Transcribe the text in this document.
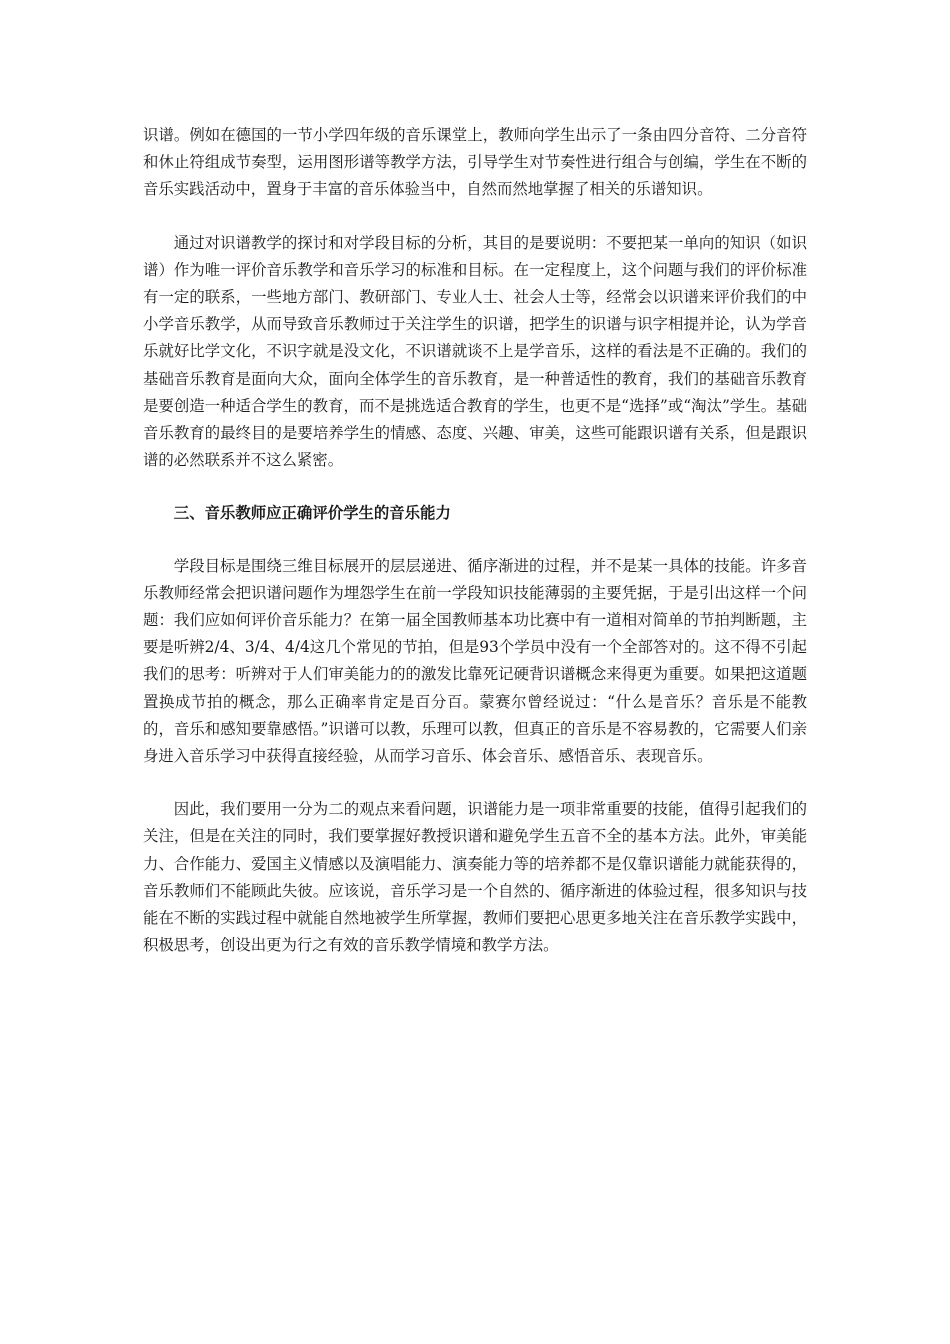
识谱。例如在德国的一节小学四年级的音乐课堂上，教师向学生出示了一条由四分音符、二分音符和休止符组成节奏型，运用图形谱等教学方法，引导学生对节奏性进行组合与创编，学生在不断的音乐实践活动中，置身于丰富的音乐体验当中，自然而然地掌握了相关的乐谱知识。

通过对识谱教学的探讨和对学段目标的分析，其目的是要说明：不要把某一单向的知识（如识谱）作为唯一评价音乐教学和音乐学习的标准和目标。在一定程度上，这个问题与我们的评价标准有一定的联系，一些地方部门、教研部门、专业人士、社会人士等，经常会以识谱来评价我们的中小学音乐教学，从而导致音乐教师过于关注学生的识谱，把学生的识谱与识字相提并论，认为学音乐就好比学文化，不识字就是没文化，不识谱就谈不上是学音乐，这样的看法是不正确的。我们的基础音乐教育是面向大众，面向全体学生的音乐教育，是一种普适性的教育，我们的基础音乐教育是要创造一种适合学生的教育，而不是挑选适合教育的学生，也更不是“选择”或“淘汰”学生。基础音乐教育的最终目的是要培养学生的情感、态度、兴趣、审美，这些可能跟识谱有关系，但是跟识谱的必然联系并不这么紧密。

三、音乐教师应正确评价学生的音乐能力

学段目标是围绕三维目标展开的层层递进、循序渐进的过程，并不是某一具体的技能。许多音乐教师经常会把识谱问题作为埋怨学生在前一学段知识技能薄弱的主要凭据，于是引出这样一个问题：我们应如何评价音乐能力？在第一届全国教师基本功比赛中有一道相对简单的节拍判断题，主要是听辨2/4、3/4、4/4这几个常见的节拍，但是93个学员中没有一个全部答对的。这不得不引起我们的思考：听辨对于人们审美能力的的激发比靠死记硬背识谱概念来得更为重要。如果把这道题置换成节拍的概念，那么正确率肯定是百分百。蒙赛尔曾经说过：“什么是音乐？音乐是不能教的，音乐和感知要靠感悟。”识谱可以教，乐理可以教，但真正的音乐是不容易教的，它需要人们亲身进入音乐学习中获得直接经验，从而学习音乐、体会音乐、感悟音乐、表现音乐。

因此，我们要用一分为二的观点来看问题，识谱能力是一项非常重要的技能，值得引起我们的关注，但是在关注的同时，我们要掌握好教授识谱和避免学生五音不全的基本方法。此外，审美能力、合作能力、爱国主义情感以及演唱能力、演奏能力等的培养都不是仅靠识谱能力就能获得的，音乐教师们不能顾此失彼。应该说，音乐学习是一个自然的、循序渐进的体验过程，很多知识与技能在不断的实践过程中就能自然地被学生所掌握，教师们要把心思更多地关注在音乐教学实践中，积极思考，创设出更为行之有效的音乐教学情境和教学方法。
